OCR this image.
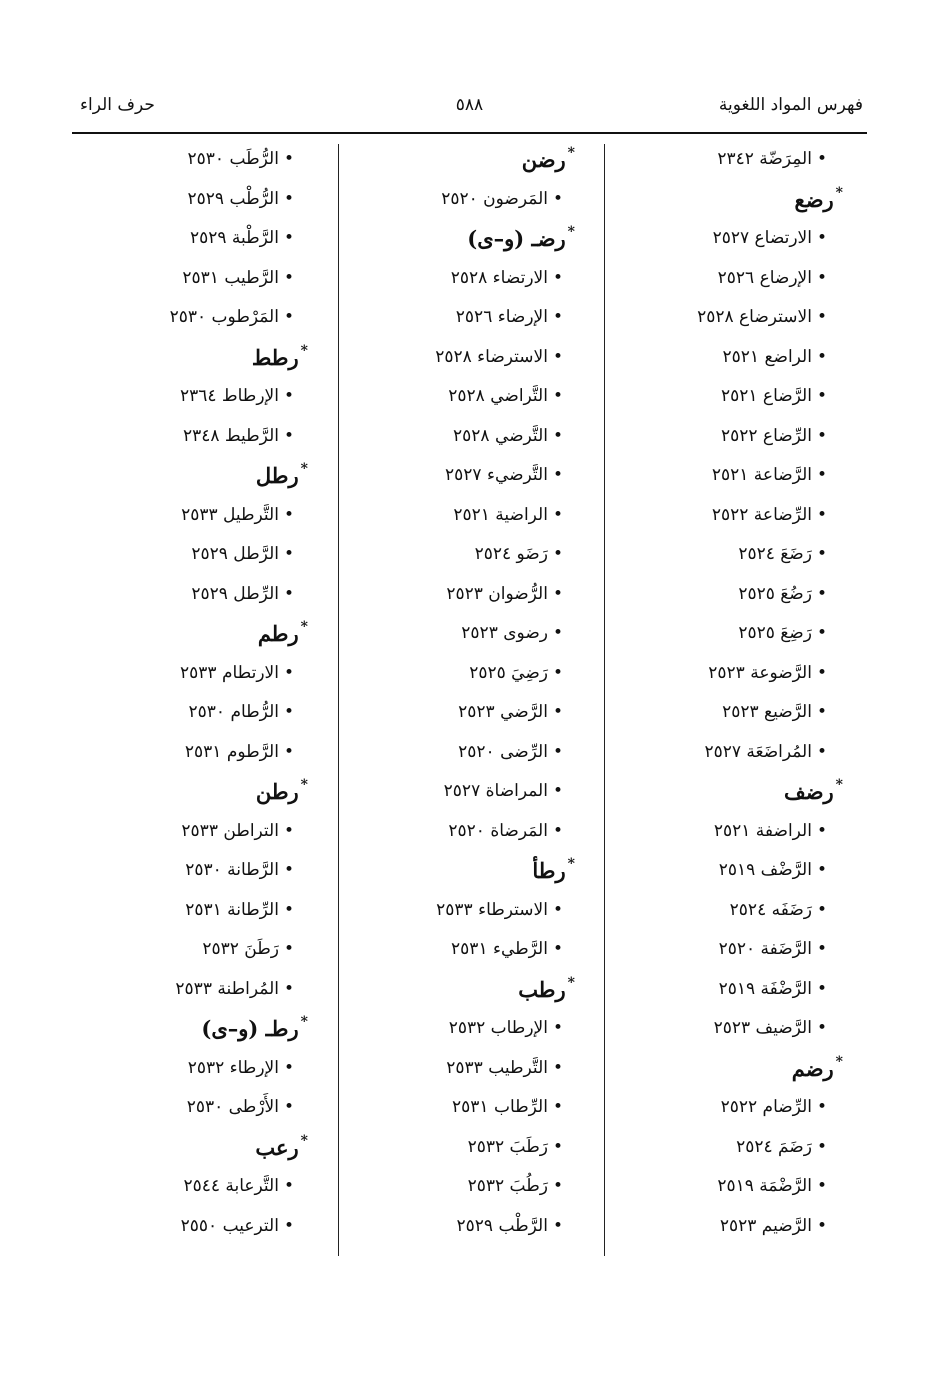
فهرس المواد اللغوية
٥٨٨
حرف الراء
•المِرَضّة ٢٣٤٢
*رضع
•الارتضاع ٢٥٢٧
•الإرضاع ٢٥٢٦
•الاسترضاع ٢٥٢٨
•الراضع ٢٥٢١
•الرَّضاع ٢٥٢١
•الرِّضاع ٢٥٢٢
•الرَّضاعة ٢٥٢١
•الرِّضاعة ٢٥٢٢
•رَضَعَ ٢٥٢٤
•رَضُعَ ٢٥٢٥
•رَضِعَ ٢٥٢٥
•الرَّضوعة ٢٥٢٣
•الرَّضيع ٢٥٢٣
•المُراضَعَة ٢٥٢٧
*رضف
•الراضفة ٢٥٢١
•الرَّضْف ٢٥١٩
•رَضَفَه ٢٥٢٤
•الرَّضَفة ٢٥٢٠
•الرَّضْفَة ٢٥١٩
•الرَّضيف ٢٥٢٣
*رضم
•الرِّضام ٢٥٢٢
•رَضَمَ ٢٥٢٤
•الرَّضْمَة ٢٥١٩
•الرَّضيم ٢٥٢٣
*رضن
•المَرضون ٢٥٢٠
*رضـ (و–ى)
•الارتضاء ٢٥٢٨
•الإرضاء ٢٥٢٦
•الاسترضاء ٢٥٢٨
•التَّراضي ٢٥٢٨
•التَّرضي ٢٥٢٨
•التَّرضيء ٢٥٢٧
•الراضية ٢٥٢١
•رَضَو ٢٥٢٤
•الرُّضوان ٢٥٢٣
•رضوى ٢٥٢٣
•رَضِيَ ٢٥٢٥
•الرَّضي ٢٥٢٣
•الرِّضى ٢٥٢٠
•المراضاة ٢٥٢٧
•المَرضاة ٢٥٢٠
*رطأ
•الاسترطاء ٢٥٣٣
•الرَّطيء ٢٥٣١
*رطب
•الإرطاب ٢٥٣٢
•التَّرطيب ٢٥٣٣
•الرِّطاب ٢٥٣١
•رَطَبَ ٢٥٣٢
•رَطُبَ ٢٥٣٢
•الرَّطْب ٢٥٢٩
•الرُّطَب ٢٥٣٠
•الرُّطْب ٢٥٢٩
•الرَّطْبة ٢٥٢٩
•الرَّطيب ٢٥٣١
•المَرْطوب ٢٥٣٠
*رطط
•الإرطاط ٢٣٦٤
•الرَّطيط ٢٣٤٨
*رطل
•التَّرطيل ٢٥٣٣
•الرَّطل ٢٥٢٩
•الرِّطل ٢٥٢٩
*رطم
•الارتطام ٢٥٣٣
•الرُّطام ٢٥٣٠
•الرَّطوم ٢٥٣١
*رطن
•التراطن ٢٥٣٣
•الرَّطانة ٢٥٣٠
•الرِّطانة ٢٥٣١
•رَطَنَ ٢٥٣٢
•المُراطنة ٢٥٣٣
*رطـ (و–ى)
•الإرطاء ٢٥٣٢
•الأَرْطى ٢٥٣٠
*رعب
•التَّرعابة ٢٥٤٤
•الترعيب ٢٥٥٠
